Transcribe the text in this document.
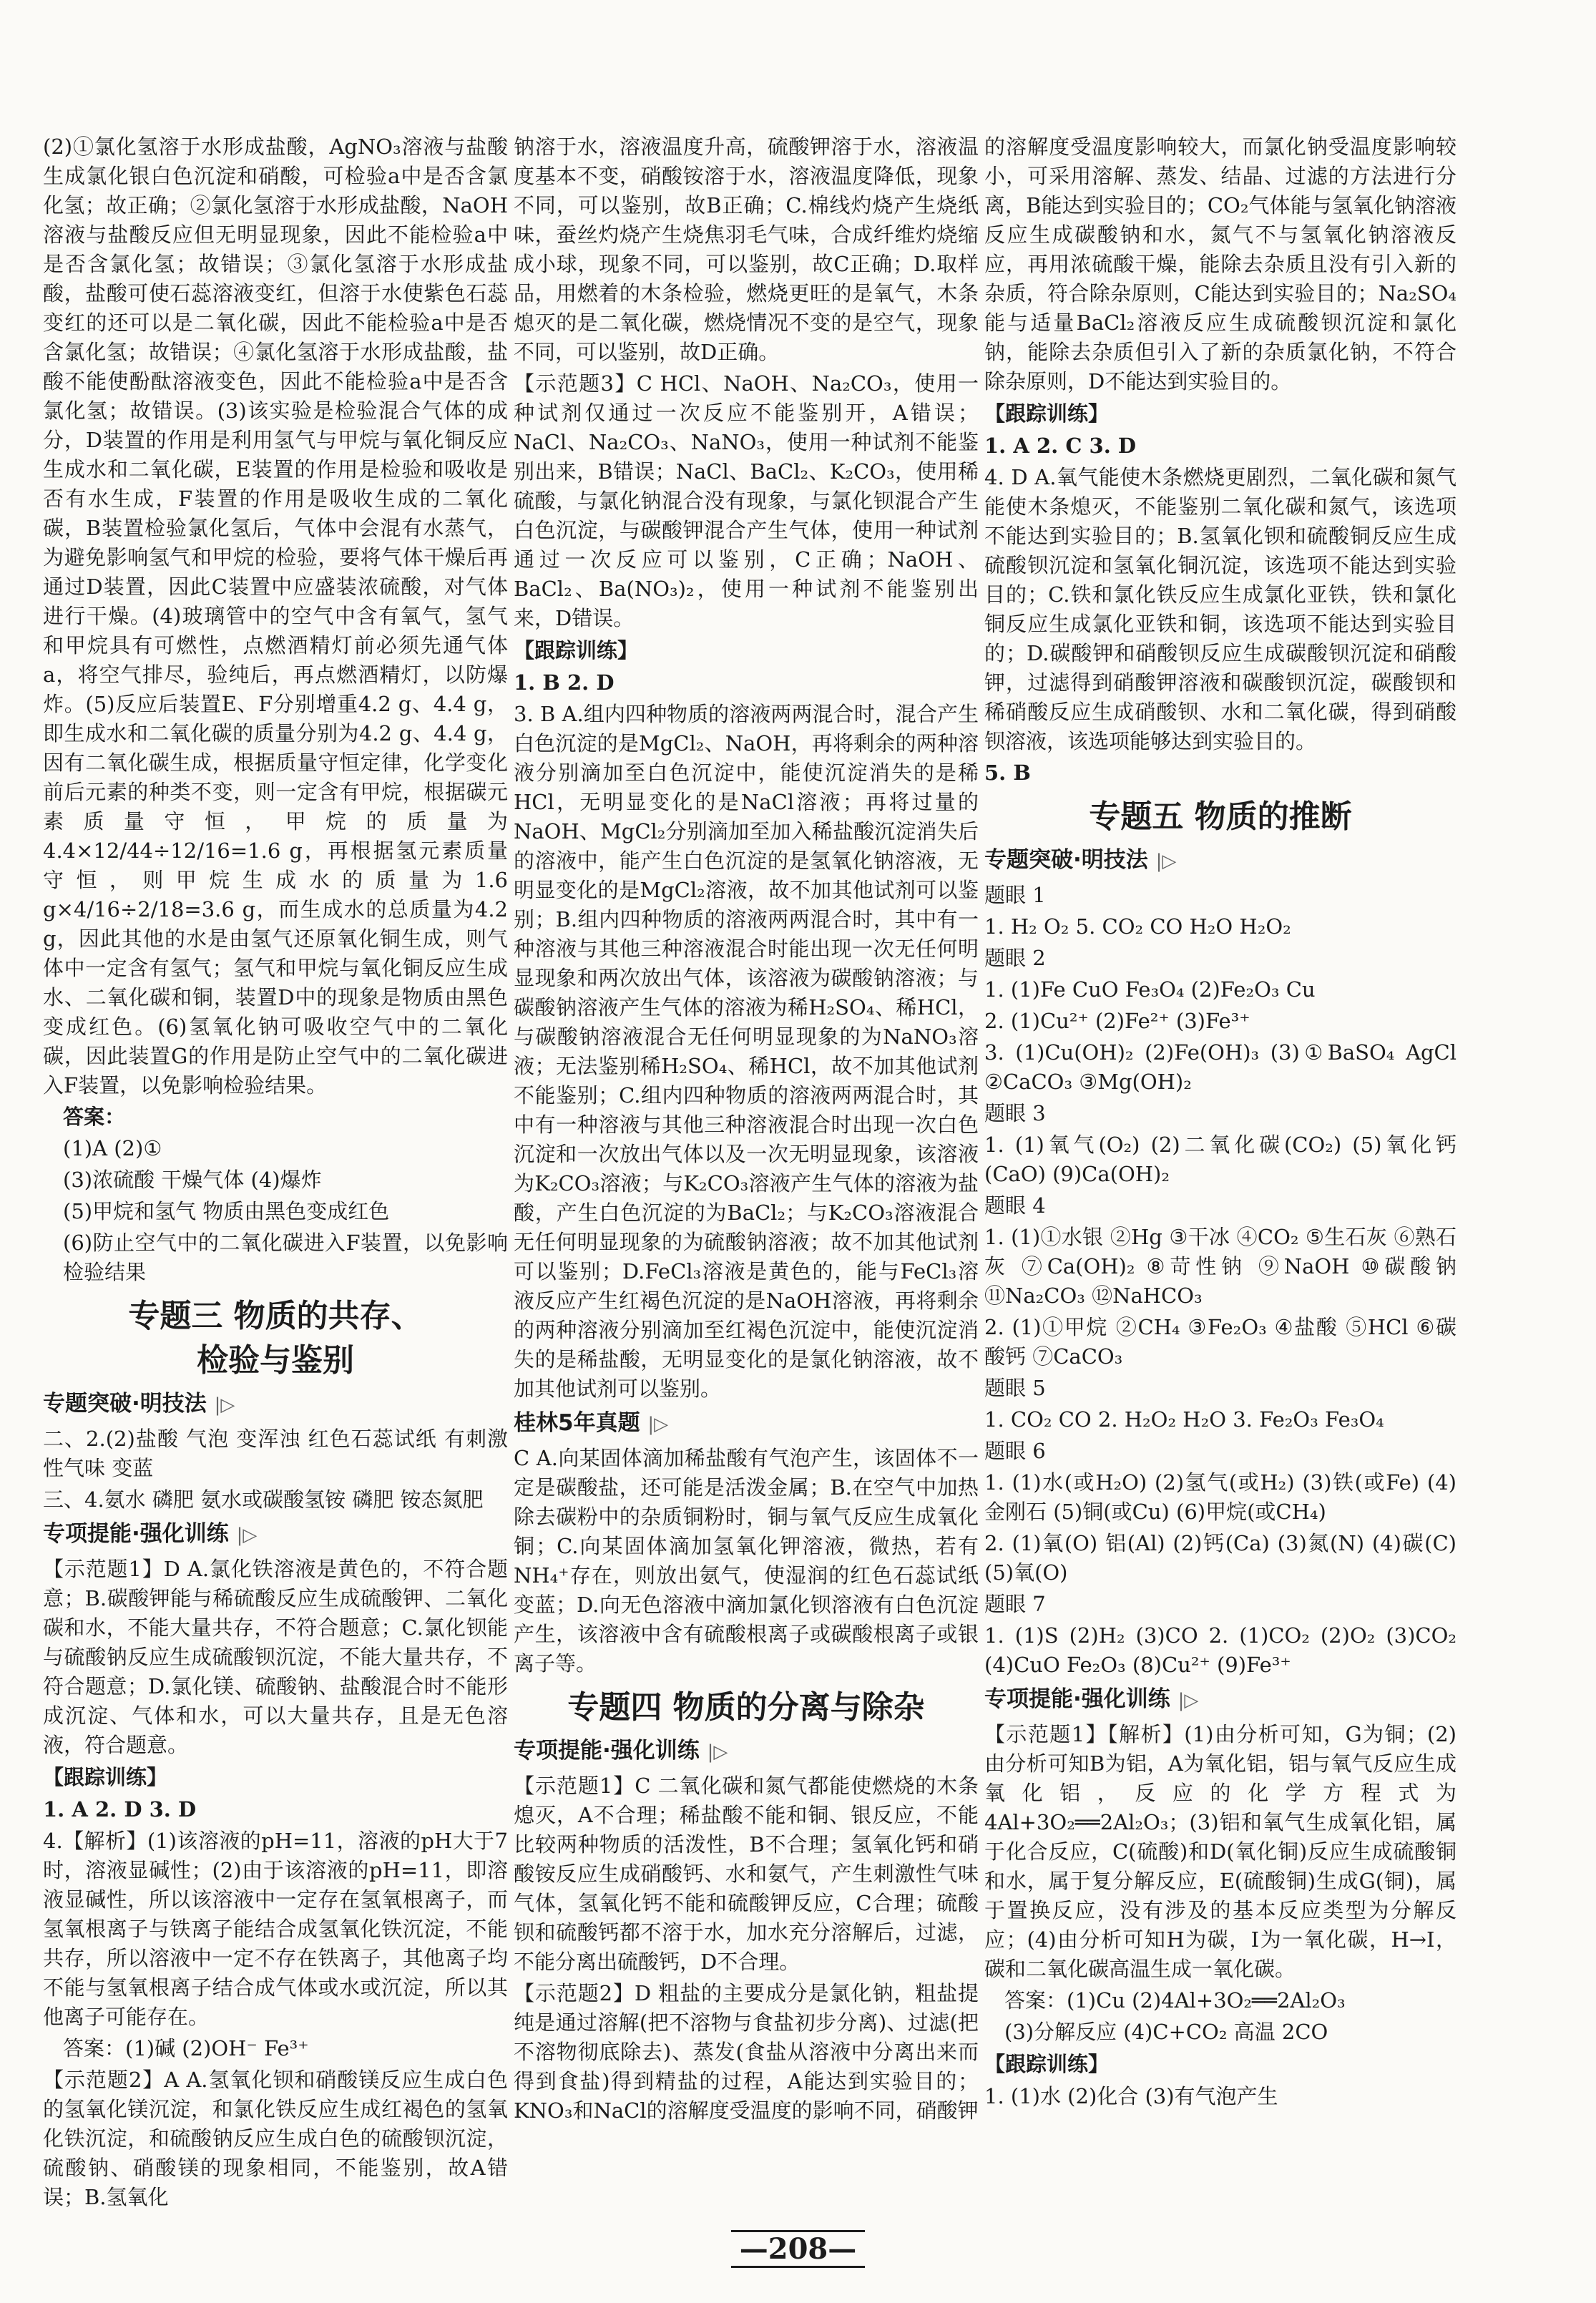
(2)①氯化氢溶于水形成盐酸，AgNO₃溶液与盐酸生成氯化银白色沉淀和硝酸，可检验a中是否含氯化氢；故正确；②氯化氢溶于水形成盐酸，NaOH溶液与盐酸反应但无明显现象，因此不能检验a中是否含氯化氢；故错误；③氯化氢溶于水形成盐酸，盐酸可使石蕊溶液变红，但溶于水使紫色石蕊变红的还可以是二氧化碳，因此不能检验a中是否含氯化氢；故错误；④氯化氢溶于水形成盐酸，盐酸不能使酚酞溶液变色，因此不能检验a中是否含氯化氢；故错误。(3)该实验是检验混合气体的成分，D装置的作用是利用氢气与甲烷与氧化铜反应生成水和二氧化碳，E装置的作用是检验和吸收是否有水生成，F装置的作用是吸收生成的二氧化碳，B装置检验氯化氢后，气体中会混有水蒸气，为避免影响氢气和甲烷的检验，要将气体干燥后再通过D装置，因此C装置中应盛装浓硫酸，对气体进行干燥。(4)玻璃管中的空气中含有氧气，氢气和甲烷具有可燃性，点燃酒精灯前必须先通气体a，将空气排尽，验纯后，再点燃酒精灯，以防爆炸。(5)反应后装置E、F分别增重4.2 g、4.4 g，即生成水和二氧化碳的质量分别为4.2 g、4.4 g，因有二氧化碳生成，根据质量守恒定律，化学变化前后元素的种类不变，则一定含有甲烷，根据碳元素质量守恒，甲烷的质量为4.4×12/44÷12/16=1.6 g，再根据氢元素质量守恒，则甲烷生成水的质量为1.6 g×4/16÷2/18=3.6 g，而生成水的总质量为4.2 g，因此其他的水是由氢气还原氧化铜生成，则气体中一定含有氢气；氢气和甲烷与氧化铜反应生成水、二氧化碳和铜，装置D中的现象是物质由黑色变成红色。(6)氢氧化钠可吸收空气中的二氧化碳，因此装置G的作用是防止空气中的二氧化碳进入F装置，以免影响检验结果。

答案：

(1)A (2)①

(3)浓硫酸 干燥气体 (4)爆炸

(5)甲烷和氢气 物质由黑色变成红色

(6)防止空气中的二氧化碳进入F装置，以免影响检验结果

专题三 物质的共存、
检验与鉴别
专题突破·明技法 |▷

二、2.(2)盐酸 气泡 变浑浊 红色石蕊试纸 有刺激性气味 变蓝

三、4.氨水 磷肥 氨水或碳酸氢铵 磷肥 铵态氮肥

专项提能·强化训练 |▷

【示范题1】D A.氯化铁溶液是黄色的，不符合题意；B.碳酸钾能与稀硫酸反应生成硫酸钾、二氧化碳和水，不能大量共存，不符合题意；C.氯化钡能与硫酸钠反应生成硫酸钡沉淀，不能大量共存，不符合题意；D.氯化镁、硫酸钠、盐酸混合时不能形成沉淀、气体和水，可以大量共存，且是无色溶液，符合题意。

【跟踪训练】

1. A 2. D 3. D

4.【解析】(1)该溶液的pH=11，溶液的pH大于7时，溶液显碱性；(2)由于该溶液的pH=11，即溶液显碱性，所以该溶液中一定存在氢氧根离子，而氢氧根离子与铁离子能结合成氢氧化铁沉淀，不能共存，所以溶液中一定不存在铁离子，其他离子均不能与氢氧根离子结合成气体或水或沉淀，所以其他离子可能存在。

答案：(1)碱 (2)OH⁻ Fe³⁺

【示范题2】A A.氢氧化钡和硝酸镁反应生成白色的氢氧化镁沉淀，和氯化铁反应生成红褐色的氢氧化铁沉淀，和硫酸钠反应生成白色的硫酸钡沉淀，硫酸钠、硝酸镁的现象相同，不能鉴别，故A错误；B.氢氧化

钠溶于水，溶液温度升高，硫酸钾溶于水，溶液温度基本不变，硝酸铵溶于水，溶液温度降低，现象不同，可以鉴别，故B正确；C.棉线灼烧产生烧纸味，蚕丝灼烧产生烧焦羽毛气味，合成纤维灼烧缩成小球，现象不同，可以鉴别，故C正确；D.取样品，用燃着的木条检验，燃烧更旺的是氧气，木条熄灭的是二氧化碳，燃烧情况不变的是空气，现象不同，可以鉴别，故D正确。

【示范题3】C HCl、NaOH、Na₂CO₃，使用一种试剂仅通过一次反应不能鉴别开，A错误；NaCl、Na₂CO₃、NaNO₃，使用一种试剂不能鉴别出来，B错误；NaCl、BaCl₂、K₂CO₃，使用稀硫酸，与氯化钠混合没有现象，与氯化钡混合产生白色沉淀，与碳酸钾混合产生气体，使用一种试剂通过一次反应可以鉴别，C正确；NaOH、BaCl₂、Ba(NO₃)₂，使用一种试剂不能鉴别出来，D错误。

【跟踪训练】

1. B 2. D

3. B A.组内四种物质的溶液两两混合时，混合产生白色沉淀的是MgCl₂、NaOH，再将剩余的两种溶液分别滴加至白色沉淀中，能使沉淀消失的是稀HCl，无明显变化的是NaCl溶液；再将过量的NaOH、MgCl₂分别滴加至加入稀盐酸沉淀消失后的溶液中，能产生白色沉淀的是氢氧化钠溶液，无明显变化的是MgCl₂溶液，故不加其他试剂可以鉴别；B.组内四种物质的溶液两两混合时，其中有一种溶液与其他三种溶液混合时能出现一次无任何明显现象和两次放出气体，该溶液为碳酸钠溶液；与碳酸钠溶液产生气体的溶液为稀H₂SO₄、稀HCl，与碳酸钠溶液混合无任何明显现象的为NaNO₃溶液；无法鉴别稀H₂SO₄、稀HCl，故不加其他试剂不能鉴别；C.组内四种物质的溶液两两混合时，其中有一种溶液与其他三种溶液混合时出现一次白色沉淀和一次放出气体以及一次无明显现象，该溶液为K₂CO₃溶液；与K₂CO₃溶液产生气体的溶液为盐酸，产生白色沉淀的为BaCl₂；与K₂CO₃溶液混合无任何明显现象的为硫酸钠溶液；故不加其他试剂可以鉴别；D.FeCl₃溶液是黄色的，能与FeCl₃溶液反应产生红褐色沉淀的是NaOH溶液，再将剩余的两种溶液分别滴加至红褐色沉淀中，能使沉淀消失的是稀盐酸，无明显变化的是氯化钠溶液，故不加其他试剂可以鉴别。

桂林5年真题 |▷

C A.向某固体滴加稀盐酸有气泡产生，该固体不一定是碳酸盐，还可能是活泼金属；B.在空气中加热除去碳粉中的杂质铜粉时，铜与氧气反应生成氧化铜；C.向某固体滴加氢氧化钾溶液，微热，若有NH₄⁺存在，则放出氨气，使湿润的红色石蕊试纸变蓝；D.向无色溶液中滴加氯化钡溶液有白色沉淀产生，该溶液中含有硫酸根离子或碳酸根离子或银离子等。

专题四 物质的分离与除杂
专项提能·强化训练 |▷

【示范题1】C 二氧化碳和氮气都能使燃烧的木条熄灭，A不合理；稀盐酸不能和铜、银反应，不能比较两种物质的活泼性，B不合理；氢氧化钙和硝酸铵反应生成硝酸钙、水和氨气，产生刺激性气味气体，氢氧化钙不能和硫酸钾反应，C合理；硫酸钡和硫酸钙都不溶于水，加水充分溶解后，过滤，不能分离出硫酸钙，D不合理。

【示范题2】D 粗盐的主要成分是氯化钠，粗盐提纯是通过溶解(把不溶物与食盐初步分离)、过滤(把不溶物彻底除去)、蒸发(食盐从溶液中分离出来而得到食盐)得到精盐的过程，A能达到实验目的；KNO₃和NaCl的溶解度受温度的影响不同，硝酸钾

的溶解度受温度影响较大，而氯化钠受温度影响较小，可采用溶解、蒸发、结晶、过滤的方法进行分离，B能达到实验目的；CO₂气体能与氢氧化钠溶液反应生成碳酸钠和水，氮气不与氢氧化钠溶液反应，再用浓硫酸干燥，能除去杂质且没有引入新的杂质，符合除杂原则，C能达到实验目的；Na₂SO₄能与适量BaCl₂溶液反应生成硫酸钡沉淀和氯化钠，能除去杂质但引入了新的杂质氯化钠，不符合除杂原则，D不能达到实验目的。

【跟踪训练】

1. A 2. C 3. D

4. D A.氧气能使木条燃烧更剧烈，二氧化碳和氮气能使木条熄灭，不能鉴别二氧化碳和氮气，该选项不能达到实验目的；B.氢氧化钡和硫酸铜反应生成硫酸钡沉淀和氢氧化铜沉淀，该选项不能达到实验目的；C.铁和氯化铁反应生成氯化亚铁，铁和氯化铜反应生成氯化亚铁和铜，该选项不能达到实验目的；D.碳酸钾和硝酸钡反应生成碳酸钡沉淀和硝酸钾，过滤得到硝酸钾溶液和碳酸钡沉淀，碳酸钡和稀硝酸反应生成硝酸钡、水和二氧化碳，得到硝酸钡溶液，该选项能够达到实验目的。

5. B

专题五 物质的推断
专题突破·明技法 |▷

题眼 1

1. H₂ O₂ 5. CO₂ CO H₂O H₂O₂

题眼 2

1. (1)Fe CuO Fe₃O₄ (2)Fe₂O₃ Cu

2. (1)Cu²⁺ (2)Fe²⁺ (3)Fe³⁺

3. (1)Cu(OH)₂ (2)Fe(OH)₃ (3)①BaSO₄ AgCl ②CaCO₃ ③Mg(OH)₂

题眼 3

1. (1)氧气(O₂) (2)二氧化碳(CO₂) (5)氧化钙(CaO) (9)Ca(OH)₂

题眼 4

1. (1)①水银 ②Hg ③干冰 ④CO₂ ⑤生石灰 ⑥熟石灰 ⑦Ca(OH)₂ ⑧苛性钠 ⑨NaOH ⑩碳酸钠 ⑪Na₂CO₃ ⑫NaHCO₃

2. (1)①甲烷 ②CH₄ ③Fe₂O₃ ④盐酸 ⑤HCl ⑥碳酸钙 ⑦CaCO₃

题眼 5

1. CO₂ CO 2. H₂O₂ H₂O 3. Fe₂O₃ Fe₃O₄

题眼 6

1. (1)水(或H₂O) (2)氢气(或H₂) (3)铁(或Fe) (4)金刚石 (5)铜(或Cu) (6)甲烷(或CH₄)

2. (1)氧(O) 铝(Al) (2)钙(Ca) (3)氮(N) (4)碳(C) (5)氧(O)

题眼 7

1. (1)S (2)H₂ (3)CO 2. (1)CO₂ (2)O₂ (3)CO₂ (4)CuO Fe₂O₃ (8)Cu²⁺ (9)Fe³⁺

专项提能·强化训练 |▷

【示范题1】【解析】(1)由分析可知，G为铜；(2)由分析可知B为铝，A为氧化铝，铝与氧气反应生成氧化铝，反应的化学方程式为4Al+3O₂══2Al₂O₃；(3)铝和氧气生成氧化铝，属于化合反应，C(硫酸)和D(氧化铜)反应生成硫酸铜和水，属于复分解反应，E(硫酸铜)生成G(铜)，属于置换反应，没有涉及的基本反应类型为分解反应；(4)由分析可知H为碳，I为一氧化碳，H→I，碳和二氧化碳高温生成一氧化碳。

答案：(1)Cu (2)4Al+3O₂══2Al₂O₃

(3)分解反应 (4)C+CO₂ 高温 2CO

【跟踪训练】

1. (1)水 (2)化合 (3)有气泡产生

—208—
